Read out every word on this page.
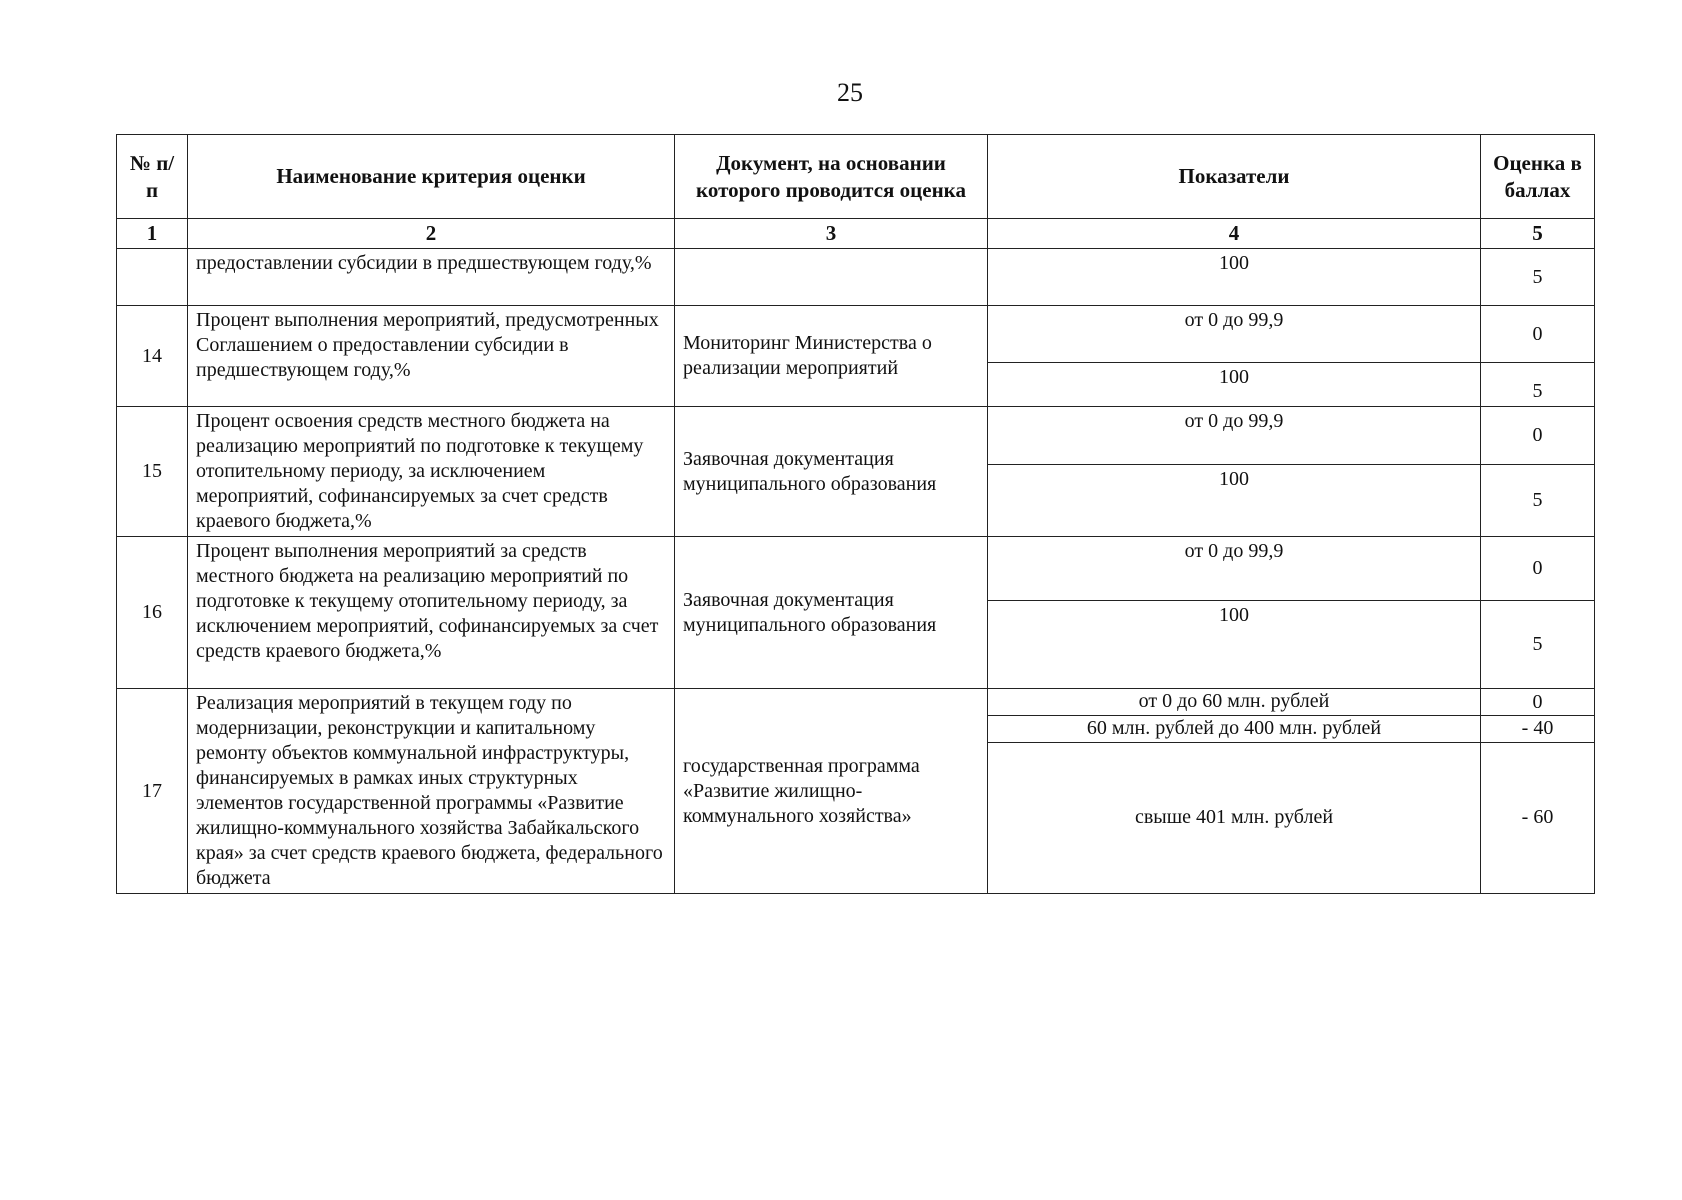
25
№ п/п	Наименование критерия оценки	Документ, на основании которого проводится оценка	Показатели	Оценка в баллах
1	2	3	4	5
	предоставлении субсидии в предшествующем году,%		100	5
14	Процент выполнения мероприятий, предусмотренных Соглашением о предоставлении субсидии в предшествующем году,%	Мониторинг Министерства о реализации мероприятий	от 0 до 99,9	0
			100	5
15	Процент освоения средств местного бюджета на реализацию мероприятий по подготовке к текущему отопительному периоду, за исключением мероприятий, софинансируемых за счет средств краевого бюджета,%	Заявочная документация муниципального образования	от 0 до 99,9	0
			100	5
16	Процент выполнения мероприятий за средств местного бюджета на реализацию мероприятий по подготовке к текущему отопительному периоду, за исключением мероприятий, софинансируемых за счет средств краевого бюджета,%	Заявочная документация муниципального образования	от 0 до 99,9	0
			100	5
17	Реализация мероприятий в текущем году по модернизации, реконструкции и капитальному ремонту объектов коммунальной инфраструктуры, финансируемых в рамках иных структурных элементов государственной программы «Развитие жилищно-коммунального хозяйства Забайкальского края» за счет средств краевого бюджета, федерального бюджета	государственная программа «Развитие жилищно-коммунального хозяйства»	от 0 до 60 млн. рублей	0
			60 млн. рублей до 400 млн. рублей	- 40
			свыше 401 млн. рублей	- 60
